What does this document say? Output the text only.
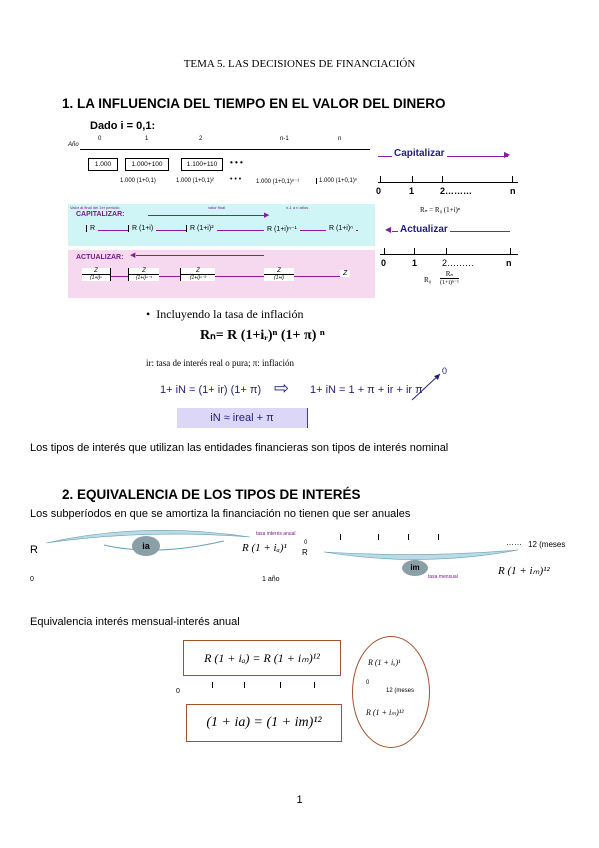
TEMA 5. LAS DECISIONES DE FINANCIACIÓN
1. LA INFLUENCIA DEL TIEMPO EN EL VALOR DEL DINERO
Dado i = 0,1:
Año
0	1	2	n-1	n
1.000	1.000+100	1.100+110	• • •
1.000 (1+0,1)	1.000 (1+0,1)² • • • 1.000 (1+0,1)ⁿ⁻¹	1.000 (1+0,1)ⁿ
Valor al final del 1er periodo	valor final	n-1 a n años
CAPITALIZAR:	▶
R	R (1+i)	R (1+i)²	R (1+i)ⁿ⁻¹	R (1+i)ⁿ
ACTUALIZAR: ◀
Z
(1+i)ⁿ
Z
(1+i)ⁿ⁻¹
Z
(1+i)ⁿ⁻²
Z
(1+i)
Z
▶
Capitalizar
0	1	2………	n
Rₙ = R₀ (1+i)ⁿ
◀ Actualizar
0	1	2………	n
$R_0 \frac{\text{Rₙ}}{\text{(1+i)ⁿ⁻¹}}$
• Incluyendo la tasa de inflación
Rₙ= R (1+iᵣ)ⁿ (1+ π) ⁿ
ir: tasa de interés real o pura; π: inflación
1+ iN = (1+ ir) (1+ π) ⇨ 1+ iN = 1 + π + ir + ir π
0
iN ≈ ireal + π
Los tipos de interés que utilizan las entidades financieras son tipos de interés nominal
2. EQUIVALENCIA DE LOS TIPOS DE INTERÉS
Los subperíodos en que se amortiza la financiación no tienen que ser anuales
R	ia
tasa interés anual
R (1 + iₐ)¹
0	1 año
0
R
…… 12 (meses
im
tasa mensual	R (1 + iₘ)¹²
Equivalencia interés mensual-interés anual
R (1 + iₐ) = R (1 + iₘ)¹²
0
(1 + ia) = (1 + im)¹²
R (1 + iₐ)¹
0
12 (meses
R (1 + iₘ)¹²
1
